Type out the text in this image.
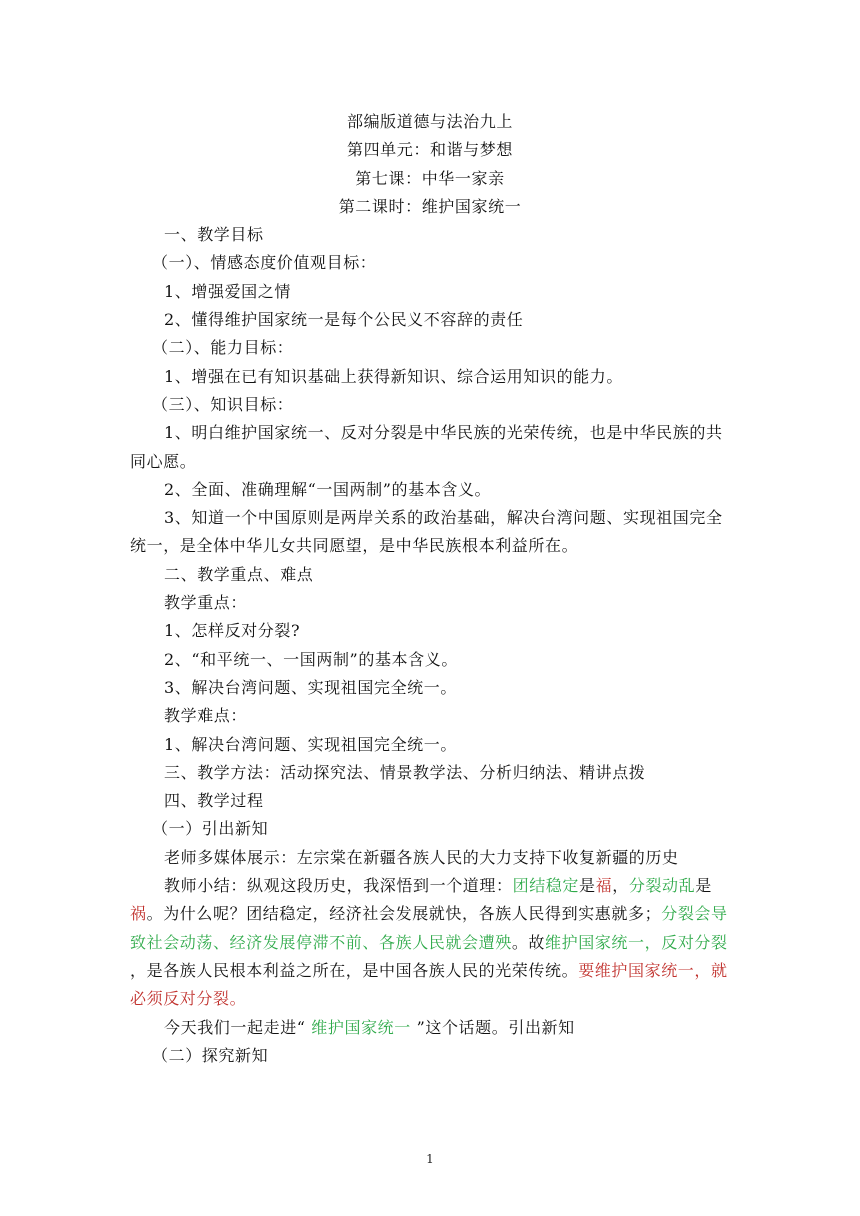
部编版道德与法治九上

第四单元：和谐与梦想

第七课：中华一家亲

第二课时：维护国家统一

一、教学目标

（一）、情感态度价值观目标：

1、增强爱国之情

2、懂得维护国家统一是每个公民义不容辞的责任

（二）、能力目标：

1、增强在已有知识基础上获得新知识、综合运用知识的能力。

（三）、知识目标：

1、明白维护国家统一、反对分裂是中华民族的光荣传统，也是中华民族的共同心愿。

2、全面、准确理解“一国两制”的基本含义。

3、知道一个中国原则是两岸关系的政治基础，解决台湾问题、实现祖国完全统一，是全体中华儿女共同愿望，是中华民族根本利益所在。

二、教学重点、难点

教学重点：

1、怎样反对分裂?

2、“和平统一、一国两制”的基本含义。

3、解决台湾问题、实现祖国完全统一。

教学难点：

1、解决台湾问题、实现祖国完全统一。

三、教学方法：活动探究法、情景教学法、分析归纳法、精讲点拨

四、教学过程

（一）引出新知

老师多媒体展示：左宗棠在新疆各族人民的大力支持下收复新疆的历史

教师小结：纵观这段历史，我深悟到一个道理：团结稳定是福，分裂动乱是祸。为什么呢？团结稳定，经济社会发展就快，各族人民得到实惠就多；分裂会导致社会动荡、经济发展停滞不前、各族人民就会遭殃。故维护国家统一，反对分裂 ，是各族人民根本利益之所在，是中国各族人民的光荣传统。要维护国家统一，就必须反对分裂。

今天我们一起走进“ 维护国家统一 ”这个话题。引出新知

（二）探究新知

1
